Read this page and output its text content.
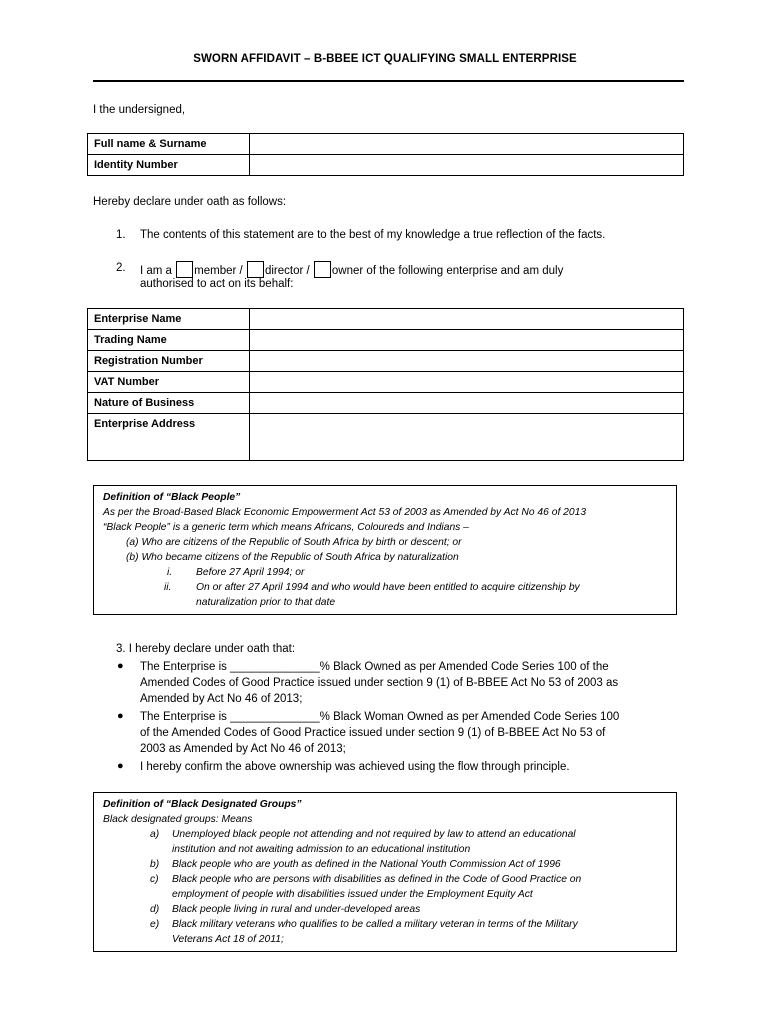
SWORN AFFIDAVIT – B-BBEE ICT QUALIFYING SMALL ENTERPRISE
I the undersigned,
Full name & Surname	
Identity Number	
Hereby declare under oath as follows:
1. The contents of this statement are to the best of my knowledge a true reflection of the facts.
2. I am a member / director / owner of the following enterprise and am duly
authorised to act on its behalf:
Enterprise Name	
Trading Name	
Registration Number	
VAT Number	
Nature of Business	
Enterprise Address	
Definition of “Black People”
As per the Broad-Based Black Economic Empowerment Act 53 of 2003 as Amended by Act No 46 of 2013
“Black People” is a generic term which means Africans, Coloureds and Indians –
(a) Who are citizens of the Republic of South Africa by birth or descent; or
(b) Who became citizens of the Republic of South Africa by naturalization
i. Before 27 April 1994; or
ii. On or after 27 April 1994 and who would have been entitled to acquire citizenship by
naturalization prior to that date
3. I hereby declare under oath that:
● The Enterprise is ______________% Black Owned as per Amended Code Series 100 of the
Amended Codes of Good Practice issued under section 9 (1) of B-BBEE Act No 53 of 2003 as
Amended by Act No 46 of 2013;
● The Enterprise is ______________% Black Woman Owned as per Amended Code Series 100
of the Amended Codes of Good Practice issued under section 9 (1) of B-BBEE Act No 53 of
2003 as Amended by Act No 46 of 2013;
● I hereby confirm the above ownership was achieved using the flow through principle.
Definition of “Black Designated Groups”
Black designated groups: Means
a) Unemployed black people not attending and not required by law to attend an educational
institution and not awaiting admission to an educational institution
b) Black people who are youth as defined in the National Youth Commission Act of 1996
c) Black people who are persons with disabilities as defined in the Code of Good Practice on
employment of people with disabilities issued under the Employment Equity Act
d) Black people living in rural and under-developed areas
e) Black military veterans who qualifies to be called a military veteran in terms of the Military
Veterans Act 18 of 2011;
